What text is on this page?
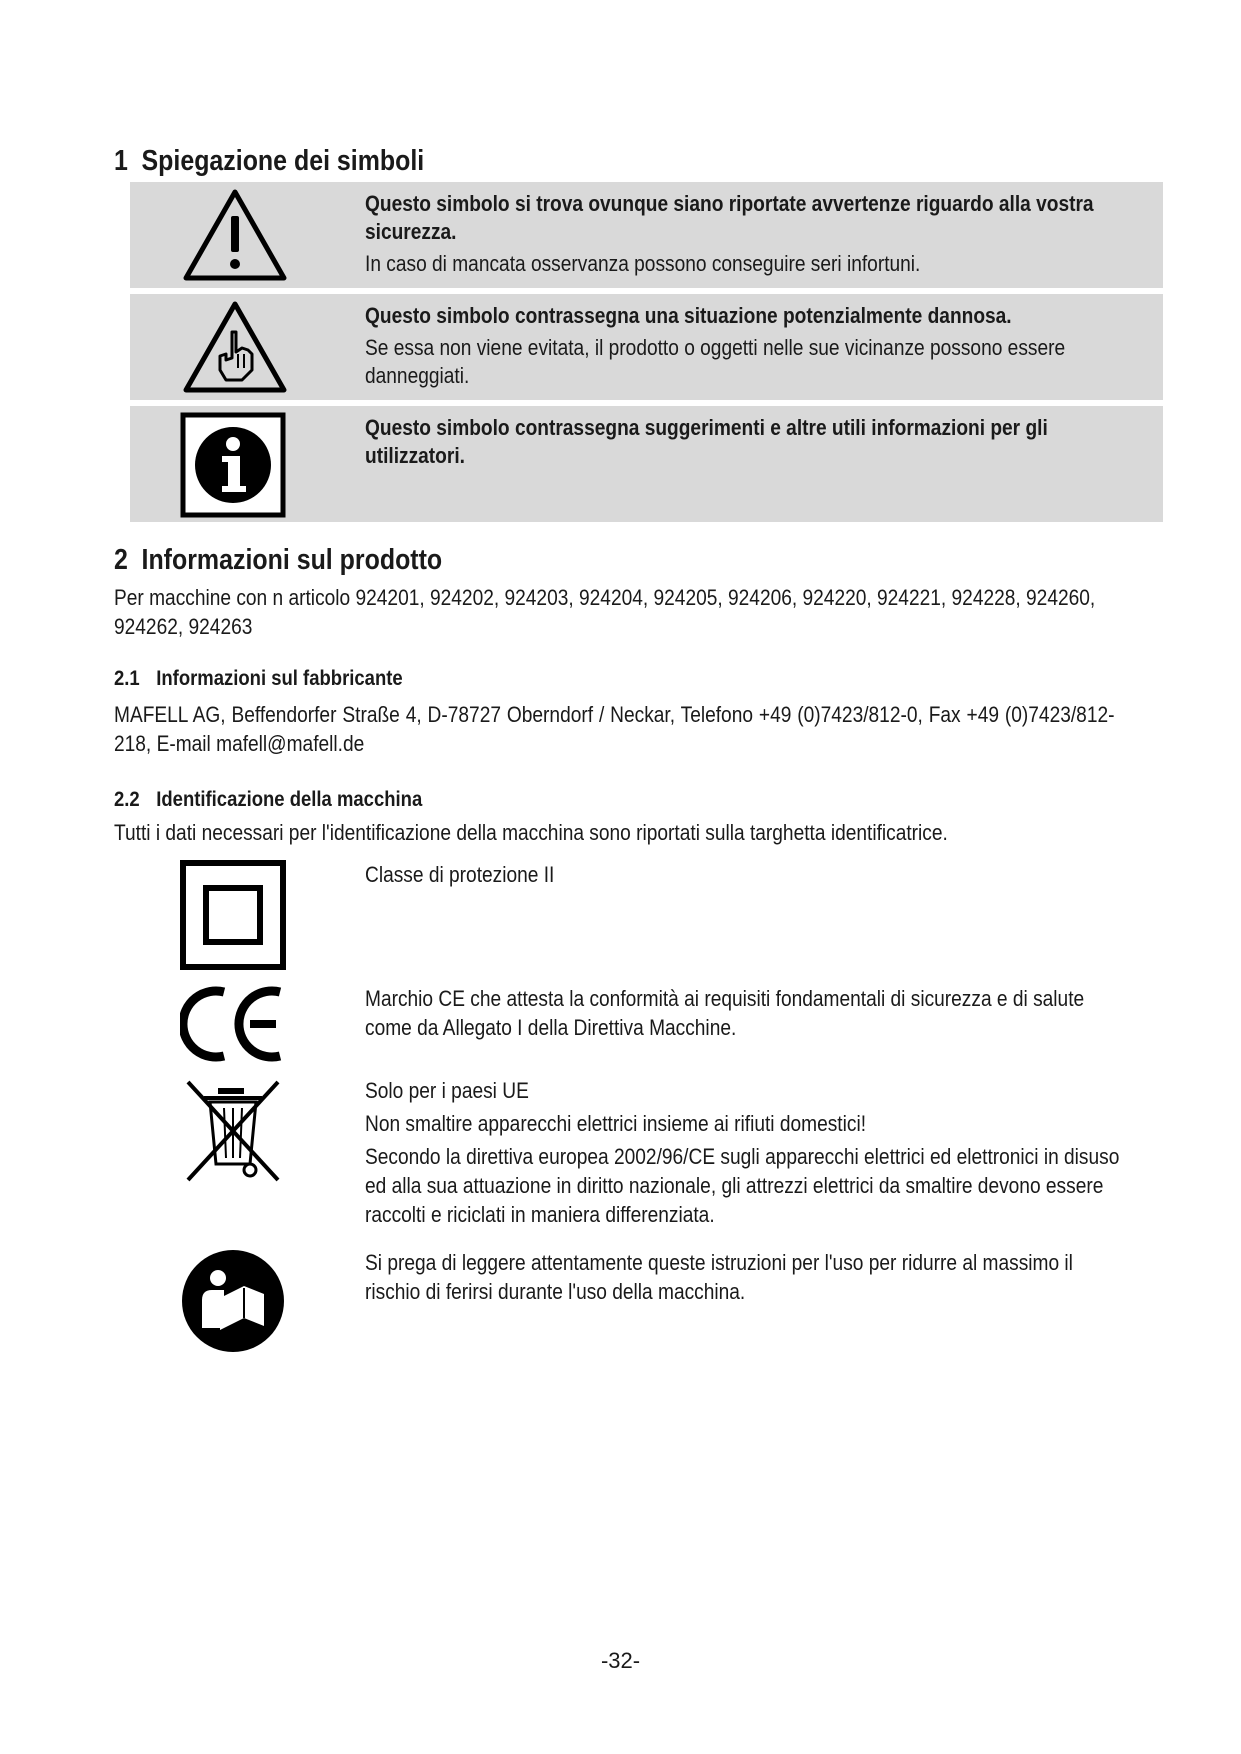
1 Spiegazione dei simboli
Questo simbolo si trova ovunque siano riportate avvertenze riguardo alla vostra sicurezza.
In caso di mancata osservanza possono conseguire seri infortuni.
Questo simbolo contrassegna una situazione potenzialmente dannosa.
Se essa non viene evitata, il prodotto o oggetti nelle sue vicinanze possono essere danneggiati.
Questo simbolo contrassegna suggerimenti e altre utili informazioni per gli utilizzatori.
2 Informazioni sul prodotto
Per macchine con n articolo 924201, 924202, 924203, 924204, 924205, 924206, 924220, 924221, 924228, 924260, 924262, 924263
2.1 Informazioni sul fabbricante
MAFELL AG, Beffendorfer Straße 4, D-78727 Oberndorf / Neckar, Telefono +49 (0)7423/812-0, Fax +49 (0)7423/812-218, E-mail mafell@mafell.de
2.2 Identificazione della macchina
Tutti i dati necessari per l'identificazione della macchina sono riportati sulla targhetta identificatrice.
Classe di protezione II
Marchio CE che attesta la conformità ai requisiti fondamentali di sicurezza e di salute come da Allegato I della Direttiva Macchine.
Solo per i paesi UE
Non smaltire apparecchi elettrici insieme ai rifiuti domestici!
Secondo la direttiva europea 2002/96/CE sugli apparecchi elettrici ed elettronici in disuso ed alla sua attuazione in diritto nazionale, gli attrezzi elettrici da smaltire devono essere raccolti e riciclati in maniera differenziata.
Si prega di leggere attentamente queste istruzioni per l'uso per ridurre al massimo il rischio di ferirsi durante l'uso della macchina.
-32-
